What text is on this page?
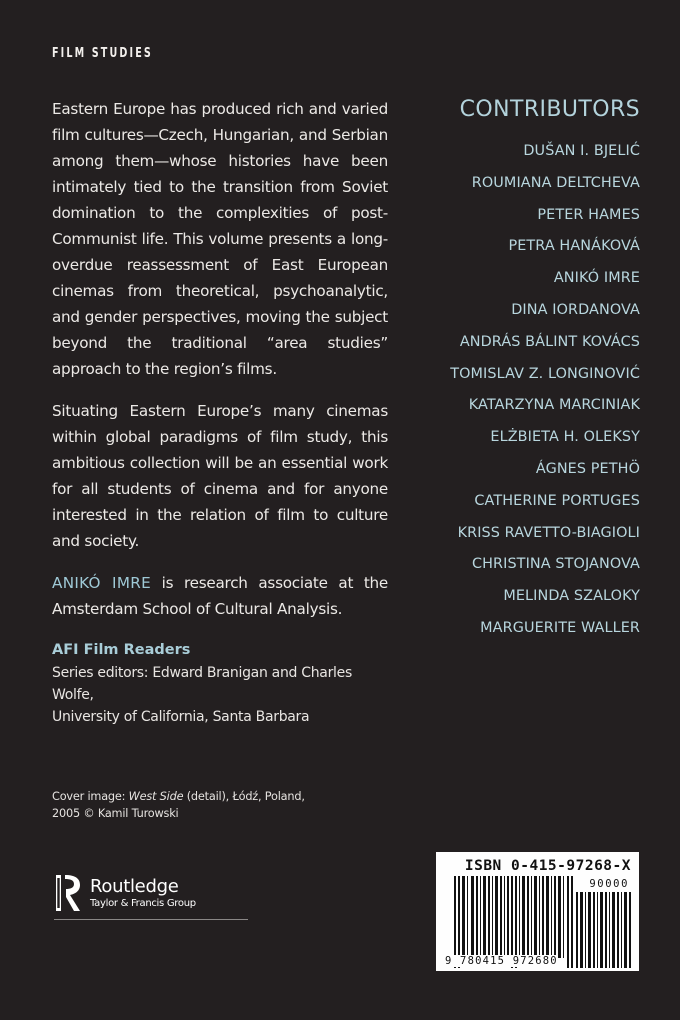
FILM STUDIES

Eastern Europe has produced rich and varied film cultures—Czech, Hungarian, and Serbian among them—whose histories have been intimately tied to the transition from Soviet domination to the complexities of post-Communist life. This volume presents a long-overdue reassessment of East European cinemas from theoretical, psychoanalytic, and gender perspectives, moving the subject beyond the traditional “area studies” approach to the region’s films.

Situating Eastern Europe’s many cinemas within global paradigms of film study, this ambitious collection will be an essential work for all students of cinema and for anyone interested in the relation of film to culture and society.

ANIKÓ IMRE is research associate at the Amsterdam School of Cultural Analysis.

AFI Film Readers
Series editors: Edward Branigan and Charles Wolfe,
University of California, Santa Barbara
Cover image: West Side (detail), Łódź, Poland,
2005 © Kamil Turowski
Routledge
Taylor & Francis Group
CONTRIBUTORS
DUŠAN I. BJELIĆ
ROUMIANA DELTCHEVA
PETER HAMES
PETRA HANÁKOVÁ
ANIKÓ IMRE
DINA IORDANOVA
ANDRÁS BÁLINT KOVÁCS
TOMISLAV Z. LONGINOVIĆ
KATARZYNA MARCINIAK
ELŻBIETA H. OLEKSY
ÁGNES PETHÖ
CATHERINE PORTUGES
KRISS RAVETTO-BIAGIOLI
CHRISTINA STOJANOVA
MELINDA SZALOKY
MARGUERITE WALLER
ISBN 0-415-97268-X
90000
9 780415 972680
